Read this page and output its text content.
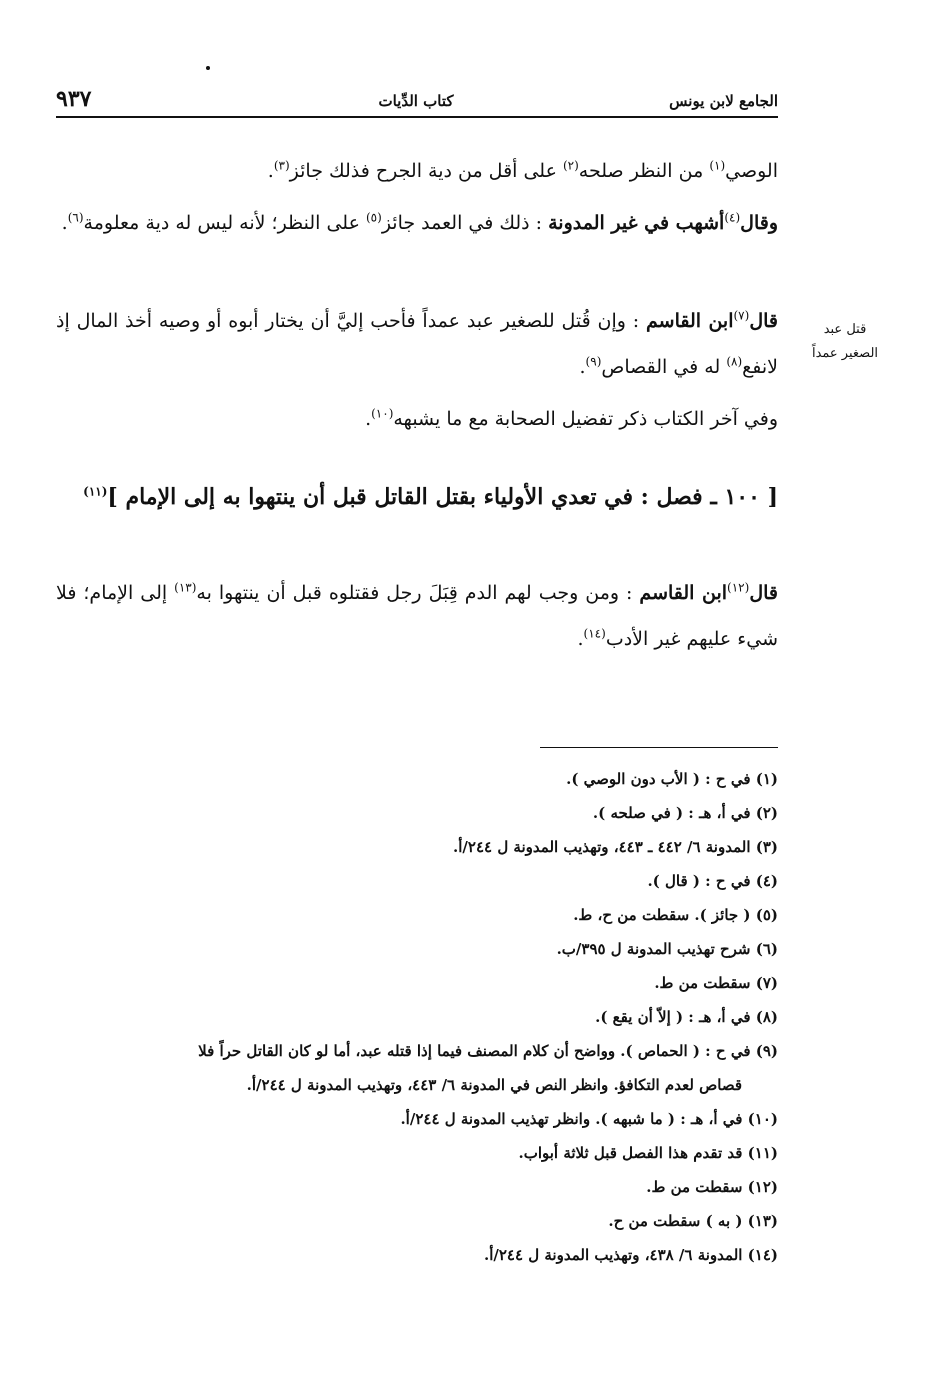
الجامع لابن يونس
كتاب الدِّيات
٩٣٧
قتل عبد
الصغير عمداً

الوصي$^{(١)}$ من النظر صلحه$^{(٢)}$ على أقل من دية الجرح فذلك جائز$^{(٣)}$.

وقال$^{(٤)}$أشهب في غير المدونة : ذلك في العمد جائز$^{(٥)}$ على النظر؛ لأنه ليس له دية معلومة$^{(٦)}$.

قال$^{(٧)}$ابن القاسم : وإن قُتل للصغير عبد عمداً فأحب إليَّ أن يختار أبوه أو وصيه أخذ المال إذ لانفع$^{(٨)}$ له في القصاص$^{(٩)}$.

وفي آخر الكتاب ذكر تفضيل الصحابة مع ما يشبهه$^{(١٠)}$.

[ ١٠٠ ـ فصل : في تعدي الأولياء بقتل القاتل قبل أن ينتهوا به إلى الإمام ]$^{(١١)}$

قال$^{(١٢)}$ابن القاسم : ومن وجب لهم الدم قِبَلَ رجل فقتلوه قبل أن ينتهوا به$^{(١٣)}$ إلى الإمام؛ فلا شيء عليهم غير الأدب$^{(١٤)}$.

(١) في ح : ( الأب دون الوصي ).

(٢) في أ، هـ : ( في صلحه ).

(٣) المدونة ٦/ ٤٤٢ ـ ٤٤٣، وتهذيب المدونة ل ٢٤٤/أ.

(٤) في ح : ( قال ).

(٥) ( جائز ). سقطت من ح، ط.

(٦) شرح تهذيب المدونة ل ٣٩٥/ب.

(٧) سقطت من ط.

(٨) في أ، هـ : ( إلاّ أن يقع ).

(٩) في ح : ( الحماص ). وواضح أن كلام المصنف فيما إذا قتله عبد، أما لو كان القاتل حراً فلا

قصاص لعدم التكافؤ. وانظر النص في المدونة ٦/ ٤٤٣، وتهذيب المدونة ل ٢٤٤/أ.

(١٠) في أ، هـ : ( ما شبهه ). وانظر تهذيب المدونة ل ٢٤٤/أ.

(١١) قد تقدم هذا الفصل قبل ثلاثة أبواب.

(١٢) سقطت من ط.

(١٣) ( به ) سقطت من ح.

(١٤) المدونة ٦/ ٤٣٨، وتهذيب المدونة ل ٢٤٤/أ.
